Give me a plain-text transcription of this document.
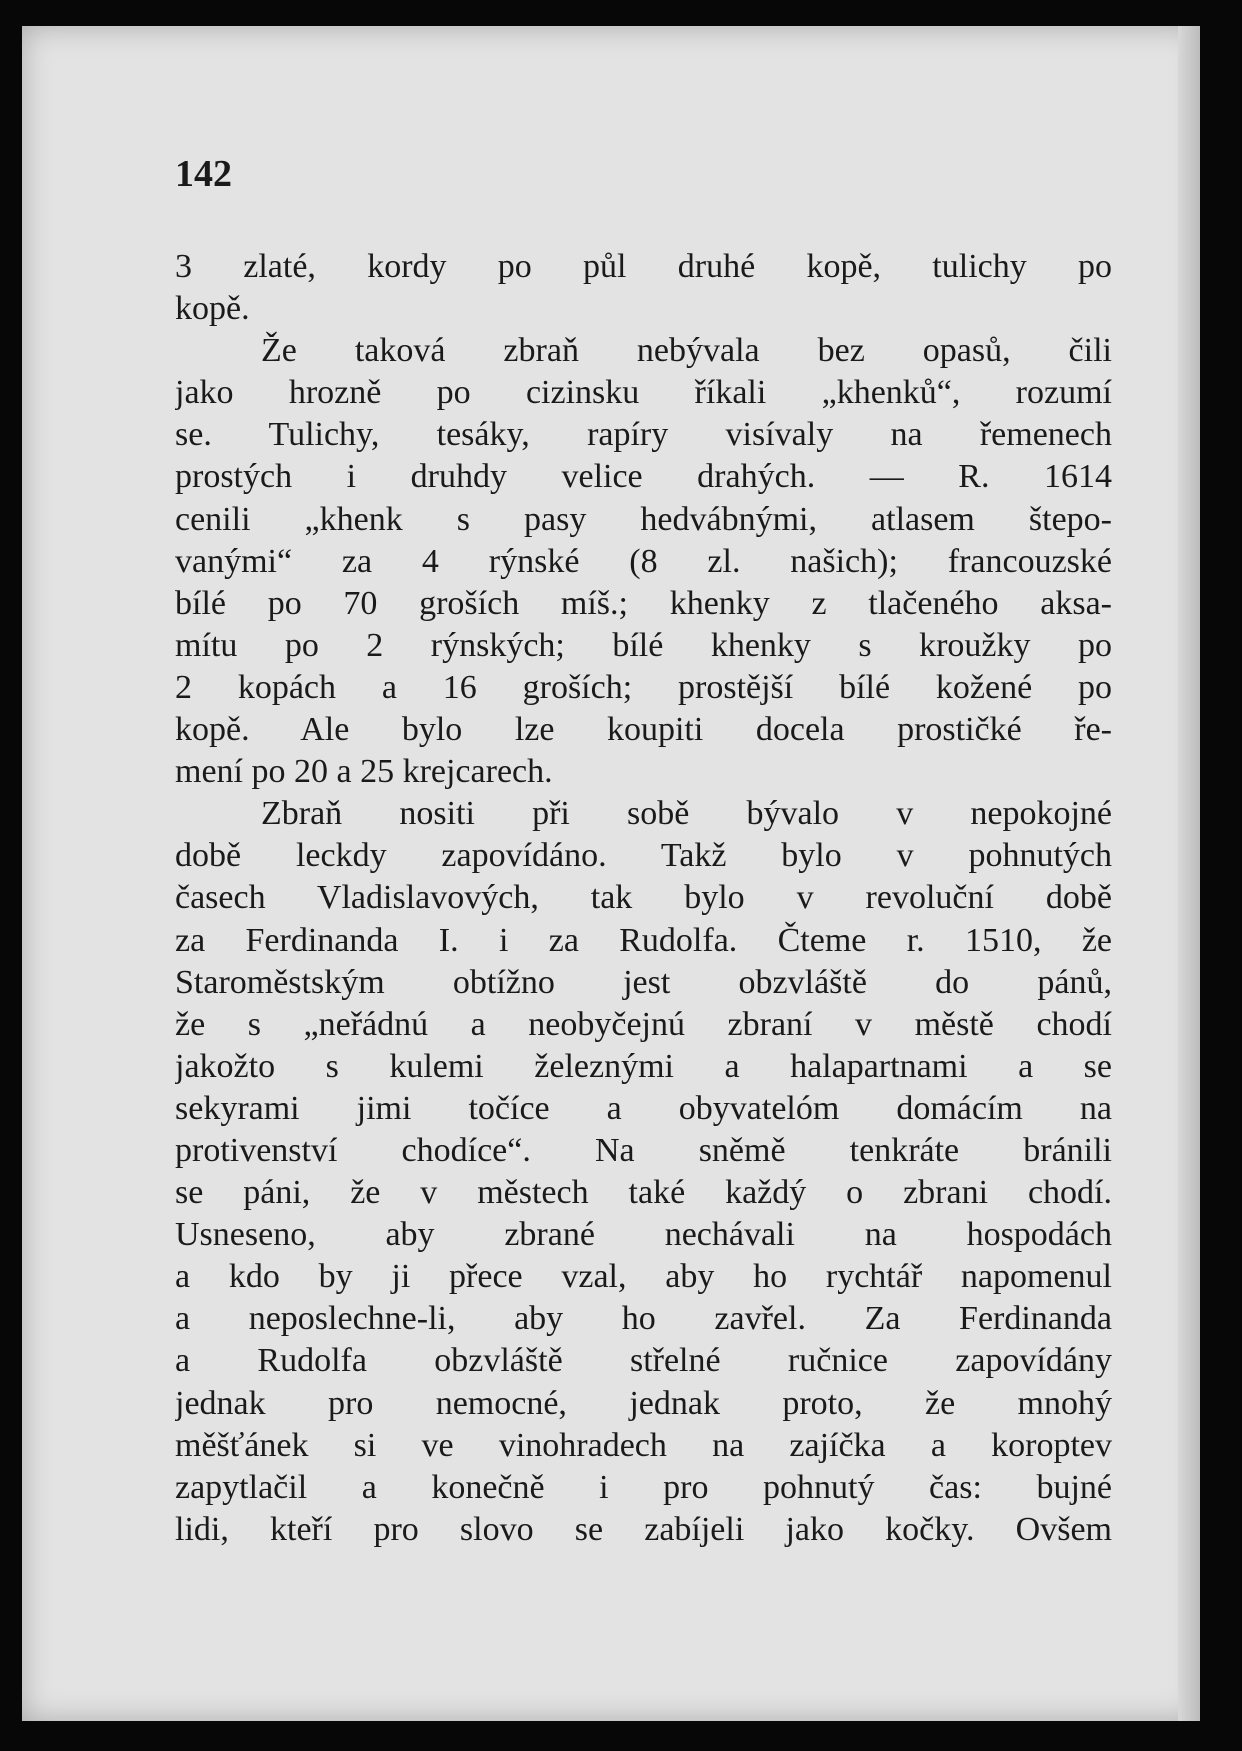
142
3 zlaté, kordy po půl druhé kopě, tulichy po
kopě.
Že taková zbraň nebývala bez opasů, čili
jako hrozně po cizinsku říkali „khenků“, rozumí
se. Tulichy, tesáky, rapíry visívaly na řemenech
prostých i druhdy velice drahých. — R. 1614
cenili „khenk s pasy hedvábnými, atlasem štepo-
vanými“ za 4 rýnské (8 zl. našich); francouzské
bílé po 70 groších míš.; khenky z tlačeného aksa-
mítu po 2 rýnských; bílé khenky s kroužky po
2 kopách a 16 groších; prostější bílé kožené po
kopě. Ale bylo lze koupiti docela prostičké ře-
mení po 20 a 25 krejcarech.
Zbraň nositi při sobě bývalo v nepokojné
době leckdy zapovídáno. Takž bylo v pohnutých
časech Vladislavových, tak bylo v revoluční době
za Ferdinanda I. i za Rudolfa. Čteme r. 1510, že
Staroměstským obtížno jest obzvláště do pánů,
že s „neřádnú a neobyčejnú zbraní v městě chodí
jakožto s kulemi železnými a halapartnami a se
sekyrami jimi točíce a obyvatelóm domácím na
protivenství chodíce“. Na sněmě tenkráte bránili
se páni, že v městech také každý o zbrani chodí.
Usneseno, aby zbrané nechávali na hospodách
a kdo by ji přece vzal, aby ho rychtář napomenul
a neposlechne-li, aby ho zavřel. Za Ferdinanda
a Rudolfa obzvláště střelné ručnice zapovídány
jednak pro nemocné, jednak proto, že mnohý
měšťánek si ve vinohradech na zajíčka a koroptev
zapytlačil a konečně i pro pohnutý čas: bujné
lidi, kteří pro slovo se zabíjeli jako kočky. Ovšem
